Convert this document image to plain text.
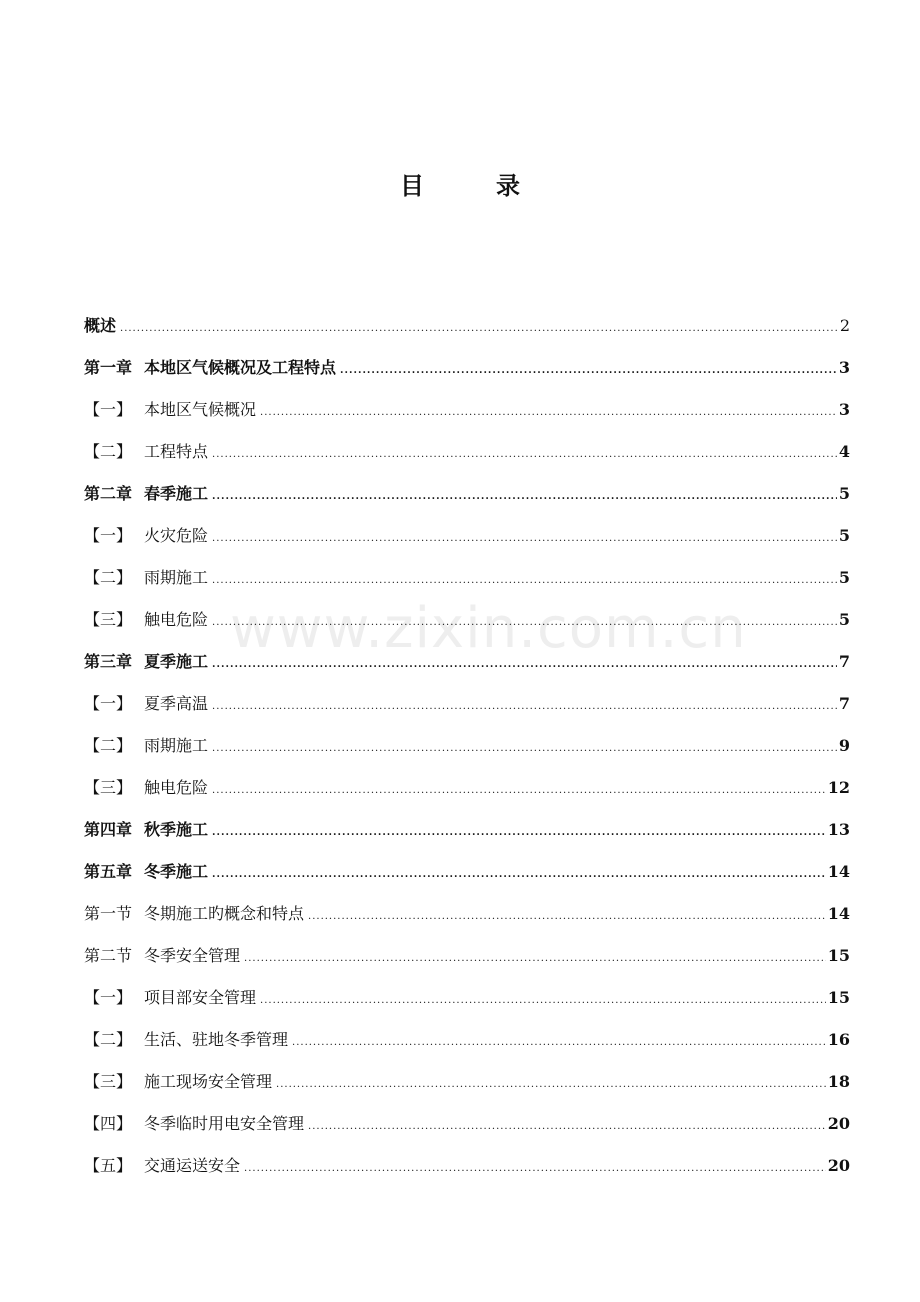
目	录
www.zixin.com.cn
概述 .....	2
第一章 本地区气候概况及工程特点 .....	3
【一】 本地区气候概况 .....	3
【二】 工程特点 .....	4
第二章 春季施工 .....	5
【一】 火灾危险 .....	5
【二】 雨期施工 .....	5
【三】 触电危险 .....	5
第三章 夏季施工 .....	7
【一】 夏季高温 .....	7
【二】 雨期施工 .....	9
【三】 触电危险 .....	12
第四章 秋季施工 .....	13
第五章 冬季施工 .....	14
第一节 冬期施工旳概念和特点 .....	14
第二节 冬季安全管理 .....	15
【一】 项目部安全管理 .....	15
【二】 生活、驻地冬季管理 .....	16
【三】 施工现场安全管理 .....	18
【四】 冬季临时用电安全管理 .....	20
【五】 交通运送安全 .....	20
